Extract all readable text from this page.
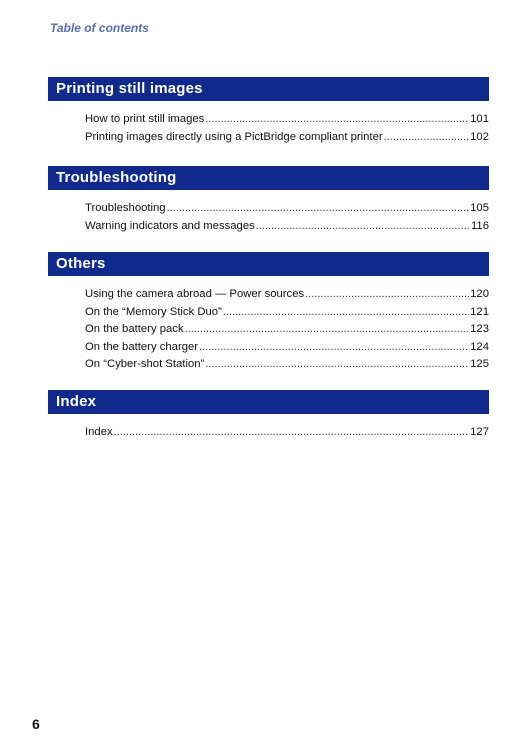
Table of contents
Printing still images
How to print still images .....	101
Printing images directly using a PictBridge compliant printer .....	102
Troubleshooting
Troubleshooting .....	105
Warning indicators and messages .....	116
Others
Using the camera abroad — Power sources .....	120
On the “Memory Stick Duo” .....	121
On the battery pack .....	123
On the battery charger .....	124
On “Cyber-shot Station” .....	125
Index
Index .....	127
6
